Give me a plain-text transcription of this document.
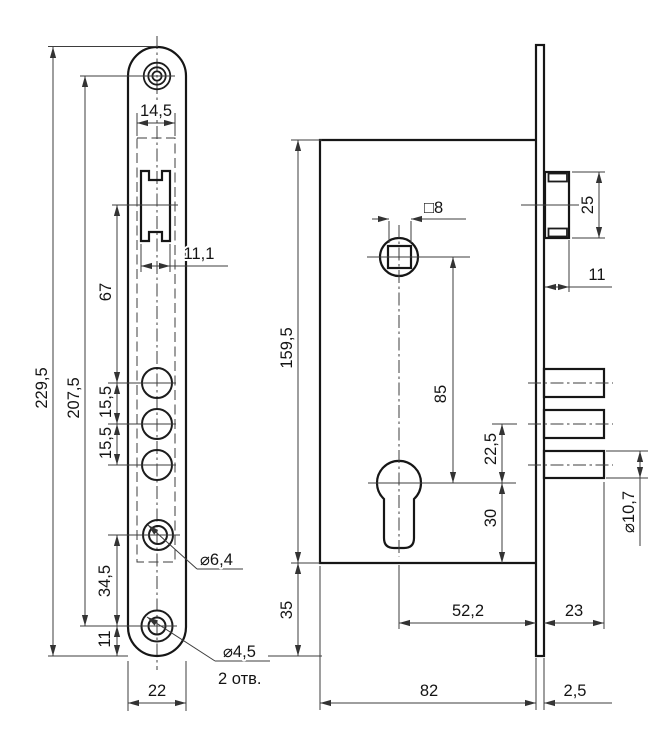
229,5 207,5
14,5
11,1
67
15,5
15,5
34,5
11
22
⌀6,4
⌀4,5
2 отв.
159,5
35
□8
85
25
11
22,5
30	⌀10,7
52,2	23
82	2,5
